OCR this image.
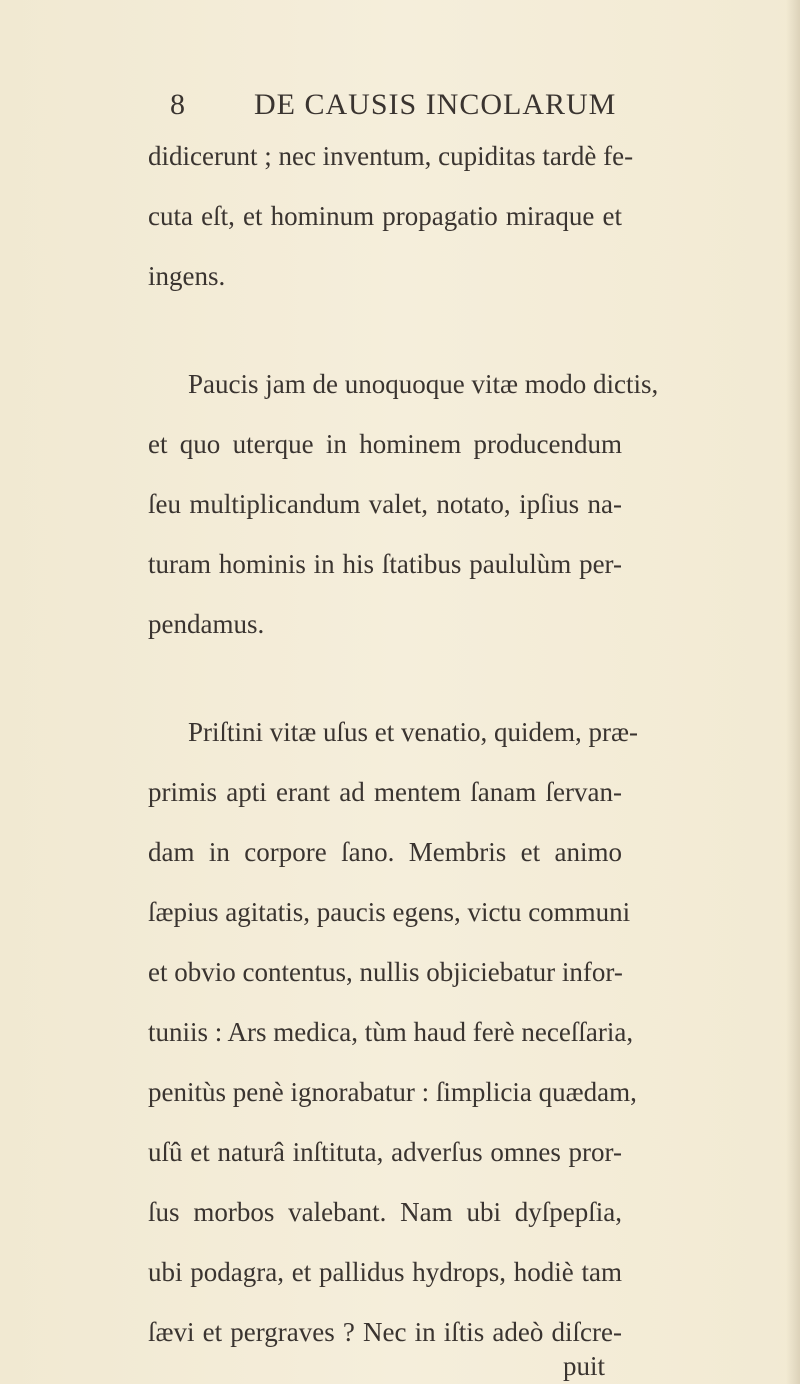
8 DE CAUSIS INCOLARUM
didicerunt ; nec inventum, cupiditas tardè fe-
cuta eſt, et hominum propagatio miraque et
ingens.
Paucis jam de unoquoque vitæ modo dictis,
et quo uterque in hominem producendum
ſeu multiplicandum valet, notato, ipſius na-
turam hominis in his ſtatibus paululùm per-
pendamus.
Priſtini vitæ uſus et venatio, quidem, præ-
primis apti erant ad mentem ſanam ſervan-
dam in corpore ſano. Membris et animo
ſæpius agitatis, paucis egens, victu communi
et obvio contentus, nullis objiciebatur infor-
tuniis : Ars medica, tùm haud ferè neceſſaria,
penitùs penè ignorabatur : ſimplicia quædam,
uſû et naturâ inſtituta, adverſus omnes pror-
ſus morbos valebant. Nam ubi dyſpepſia,
ubi podagra, et pallidus hydrops, hodiè tam
ſævi et pergraves ? Nec in iſtis adeò diſcre-
puit
